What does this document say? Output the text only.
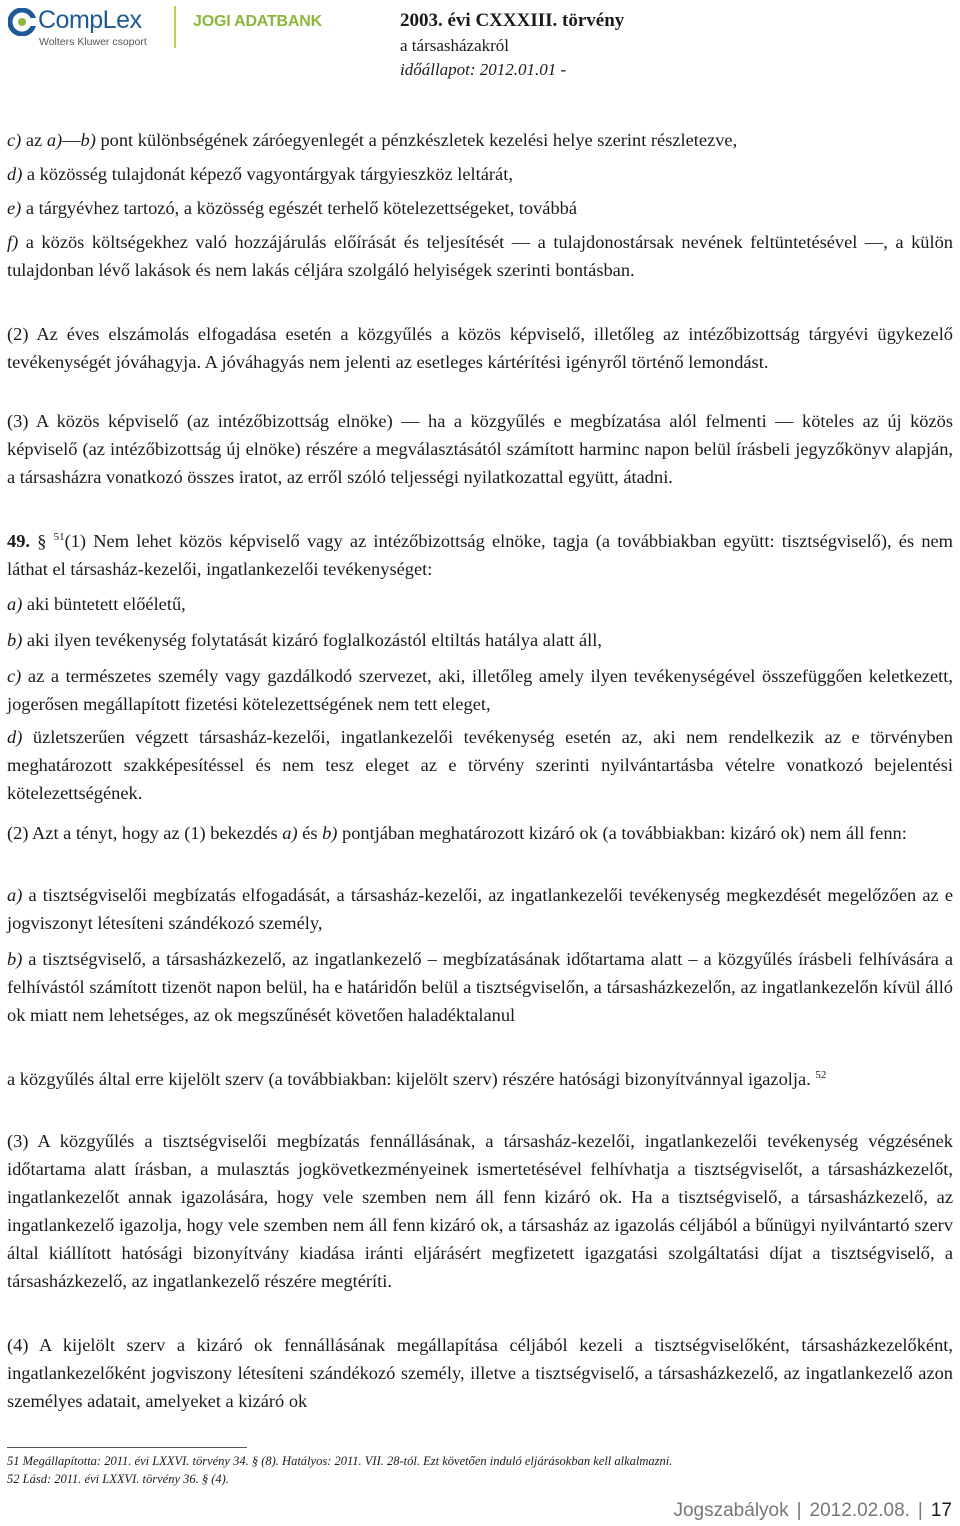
CompLex
Wolters Kluwer csoport
JOGI ADATBANK	2003. évi CXXXIII. törvény
a társasházakról
időállapot: 2012.01.01 -

c) az a)—b) pont különbségének záróegyenlegét a pénzkészletek kezelési helye szerint részletezve,

d) a közösség tulajdonát képező vagyontárgyak tárgyieszköz leltárát,

e) a tárgyévhez tartozó, a közösség egészét terhelő kötelezettségeket, továbbá

f) a közös költségekhez való hozzájárulás előírását és teljesítését — a tulajdonostársak nevének feltüntetésével —, a külön tulajdonban lévő lakások és nem lakás céljára szolgáló helyiségek szerinti bontásban.

(2) Az éves elszámolás elfogadása esetén a közgyűlés a közös képviselő, illetőleg az intézőbizottság tárgyévi ügykezelő tevékenységét jóváhagyja. A jóváhagyás nem jelenti az esetleges kártérítési igényről történő lemondást.

(3) A közös képviselő (az intézőbizottság elnöke) — ha a közgyűlés e megbízatása alól felmenti — köteles az új közös képviselő (az intézőbizottság új elnöke) részére a megválasztásától számított harminc napon belül írásbeli jegyzőkönyv alapján, a társasházra vonatkozó összes iratot, az erről szóló teljességi nyilatkozattal együtt, átadni.

49. § $^{51}$(1) Nem lehet közös képviselő vagy az intézőbizottság elnöke, tagja (a továbbiakban együtt: tisztségviselő), és nem láthat el társasház-kezelői, ingatlankezelői tevékenységet:

a) aki büntetett előéletű,

b) aki ilyen tevékenység folytatását kizáró foglalkozástól eltiltás hatálya alatt áll,

c) az a természetes személy vagy gazdálkodó szervezet, aki, illetőleg amely ilyen tevékenységével összefüggően keletkezett, jogerősen megállapított fizetési kötelezettségének nem tett eleget,

d) üzletszerűen végzett társasház-kezelői, ingatlankezelői tevékenység esetén az, aki nem rendelkezik az e törvényben meghatározott szakképesítéssel és nem tesz eleget az e törvény szerinti nyilvántartásba vételre vonatkozó bejelentési kötelezettségének.

(2) Azt a tényt, hogy az (1) bekezdés a) és b) pontjában meghatározott kizáró ok (a továbbiakban: kizáró ok) nem áll fenn:

a) a tisztségviselői megbízatás elfogadását, a társasház-kezelői, az ingatlankezelői tevékenység megkezdését megelőzően az e jogviszonyt létesíteni szándékozó személy,

b) a tisztségviselő, a társasházkezelő, az ingatlankezelő – megbízatásának időtartama alatt – a közgyűlés írásbeli felhívására a felhívástól számított tizenöt napon belül, ha e határidőn belül a tisztségviselőn, a társasházkezelőn, az ingatlankezelőn kívül álló ok miatt nem lehetséges, az ok megszűnését követően haladéktalanul

a közgyűlés által erre kijelölt szerv (a továbbiakban: kijelölt szerv) részére hatósági bizonyítvánnyal igazolja. $^{52}$

(3) A közgyűlés a tisztségviselői megbízatás fennállásának, a társasház-kezelői, ingatlankezelői tevékenység végzésének időtartama alatt írásban, a mulasztás jogkövetkezményeinek ismertetésével felhívhatja a tisztségviselőt, a társasházkezelőt, ingatlankezelőt annak igazolására, hogy vele szemben nem áll fenn kizáró ok. Ha a tisztségviselő, a társasházkezelő, az ingatlankezelő igazolja, hogy vele szemben nem áll fenn kizáró ok, a társasház az igazolás céljából a bűnügyi nyilvántartó szerv által kiállított hatósági bizonyítvány kiadása iránti eljárásért megfizetett igazgatási szolgáltatási díjat a tisztségviselő, a társasházkezelő, az ingatlankezelő részére megtéríti.

(4) A kijelölt szerv a kizáró ok fennállásának megállapítása céljából kezeli a tisztségviselőként, társasházkezelőként, ingatlankezelőként jogviszony létesíteni szándékozó személy, illetve a tisztségviselő, a társasházkezelő, az ingatlankezelő azon személyes adatait, amelyeket a kizáró ok

51 Megállapította: 2011. évi LXXVI. törvény 34. § (8). Hatályos: 2011. VII. 28-tól. Ezt követően induló eljárásokban kell alkalmazni.
52 Lásd: 2011. évi LXXVI. törvény 36. § (4).
Jogszabályok | 2012.02.08. | 17
